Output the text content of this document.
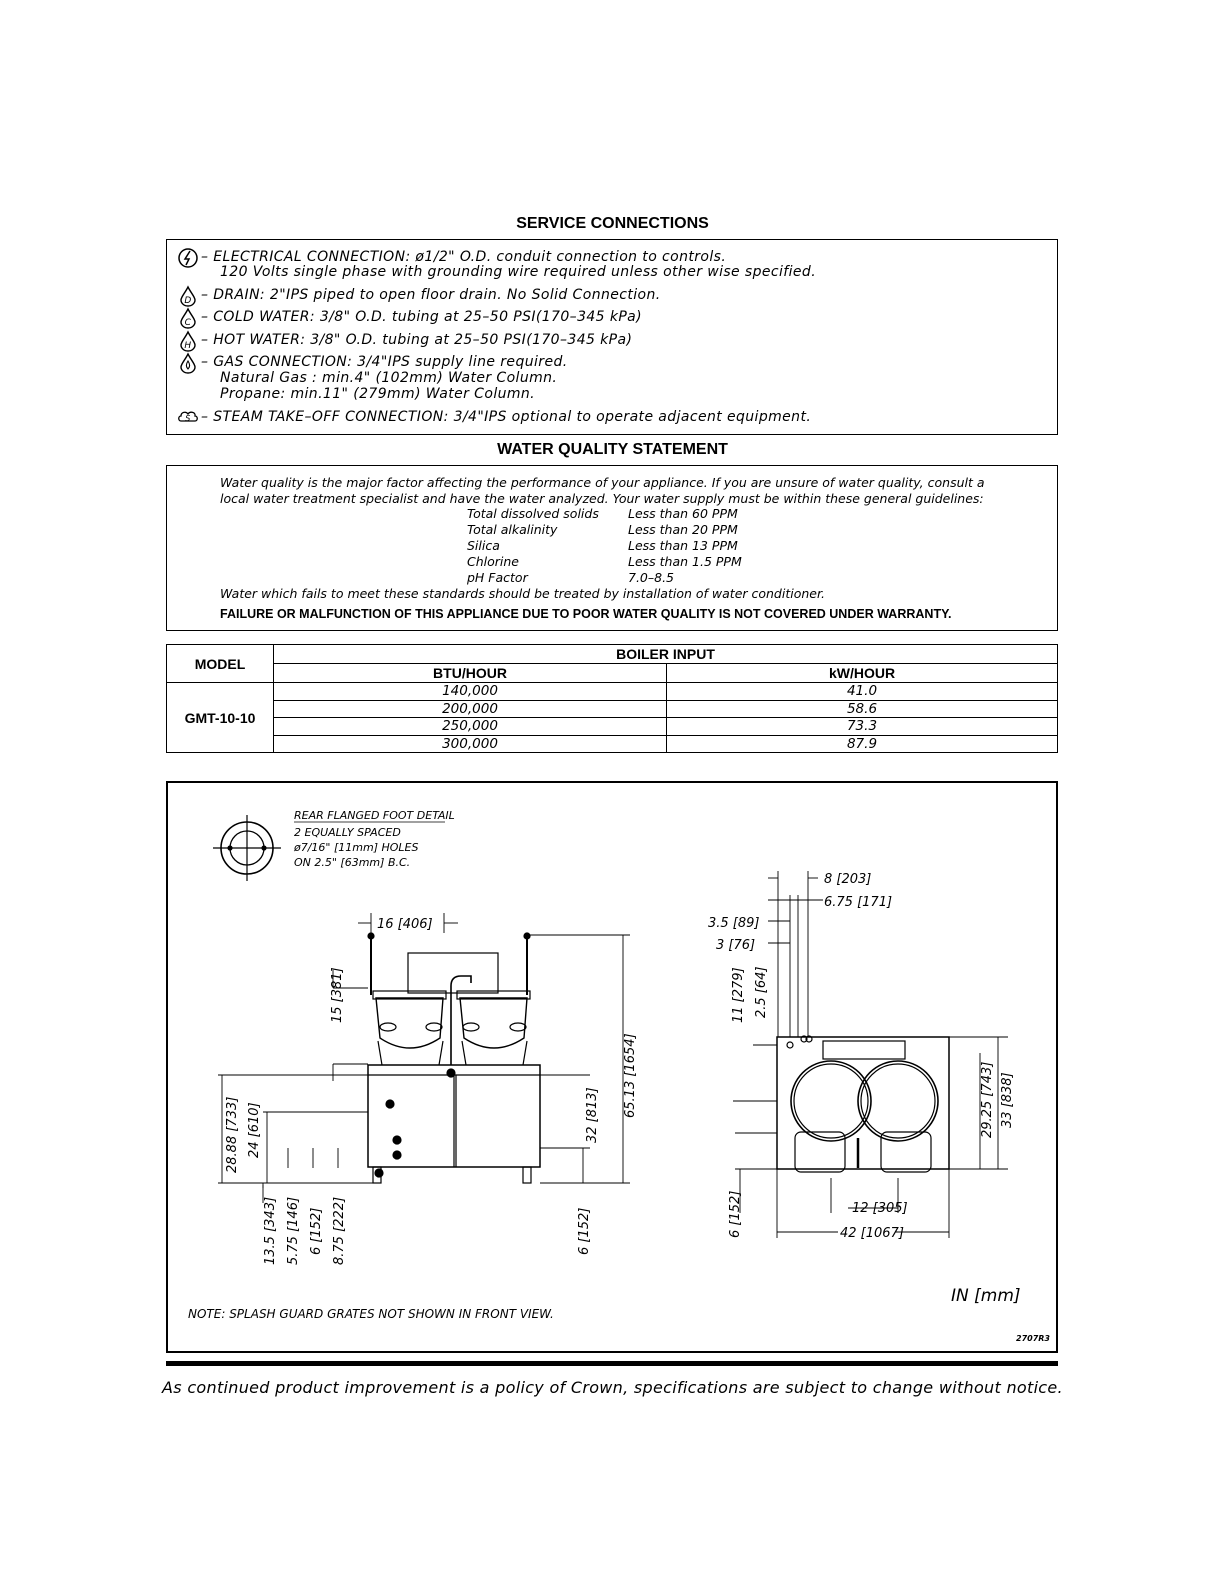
SERVICE CONNECTIONS
– ELECTRICAL CONNECTION: ø1/2" O.D. conduit connection to controls.
120 Volts single phase with grounding wire required unless other wise specified.
D – DRAIN: 2"IPS piped to open floor drain. No Solid Connection.
C – COLD WATER: 3/8" O.D. tubing at 25–50 PSI(170–345 kPa)
H – HOT WATER: 3/8" O.D. tubing at 25–50 PSI(170–345 kPa)
– GAS CONNECTION: 3/4"IPS supply line required.
Natural Gas : min.4" (102mm) Water Column.
Propane: min.11" (279mm) Water Column.
S – STEAM TAKE–OFF CONNECTION: 3/4"IPS optional to operate adjacent equipment.
WATER QUALITY STATEMENT
Water quality is the major factor affecting the performance of your appliance. If you are unsure of water quality, consult a
local water treatment specialist and have the water analyzed. Your water supply must be within these general guidelines:
Total dissolved solids Less than 60 PPM
Total alkalinity	Less than 20 PPM
Silica	Less than 13 PPM
Chlorine	Less than 1.5 PPM
pH Factor	7.0–8.5
Water which fails to meet these standards should be treated by installation of water conditioner.
FAILURE OR MALFUNCTION OF THIS APPLIANCE DUE TO POOR WATER QUALITY IS NOT COVERED UNDER WARRANTY.
MODEL	BOILER INPUT	
	BTU/HOUR	kW/HOUR
GMT-10-10	140,000	41.0
	200,000	58.6
	250,000	73.3
	300,000	87.9
REAR FLANGED FOOT DETAIL
2 EQUALLY SPACED
ø7/16" [11mm] HOLES
ON 2.5" [63mm] B.C.
16 [406]
15 [381]
65.13 [1654]
32 [813]
28.88 [733] 24 [610]
13.5 [343] 5.75 [146] 6 [152] 8.75 [222]	6 [152]
8 [203]
6.75 [171]
3.5 [89]
3 [76]
11 [279] 2.5 [64]
29.25 [743] 33 [838]
12 [305]
42 [1067]
6 [152]
IN [mm]
NOTE: SPLASH GUARD GRATES NOT SHOWN IN FRONT VIEW.
2707R3
As continued product improvement is a policy of Crown, specifications are subject to change without notice.
